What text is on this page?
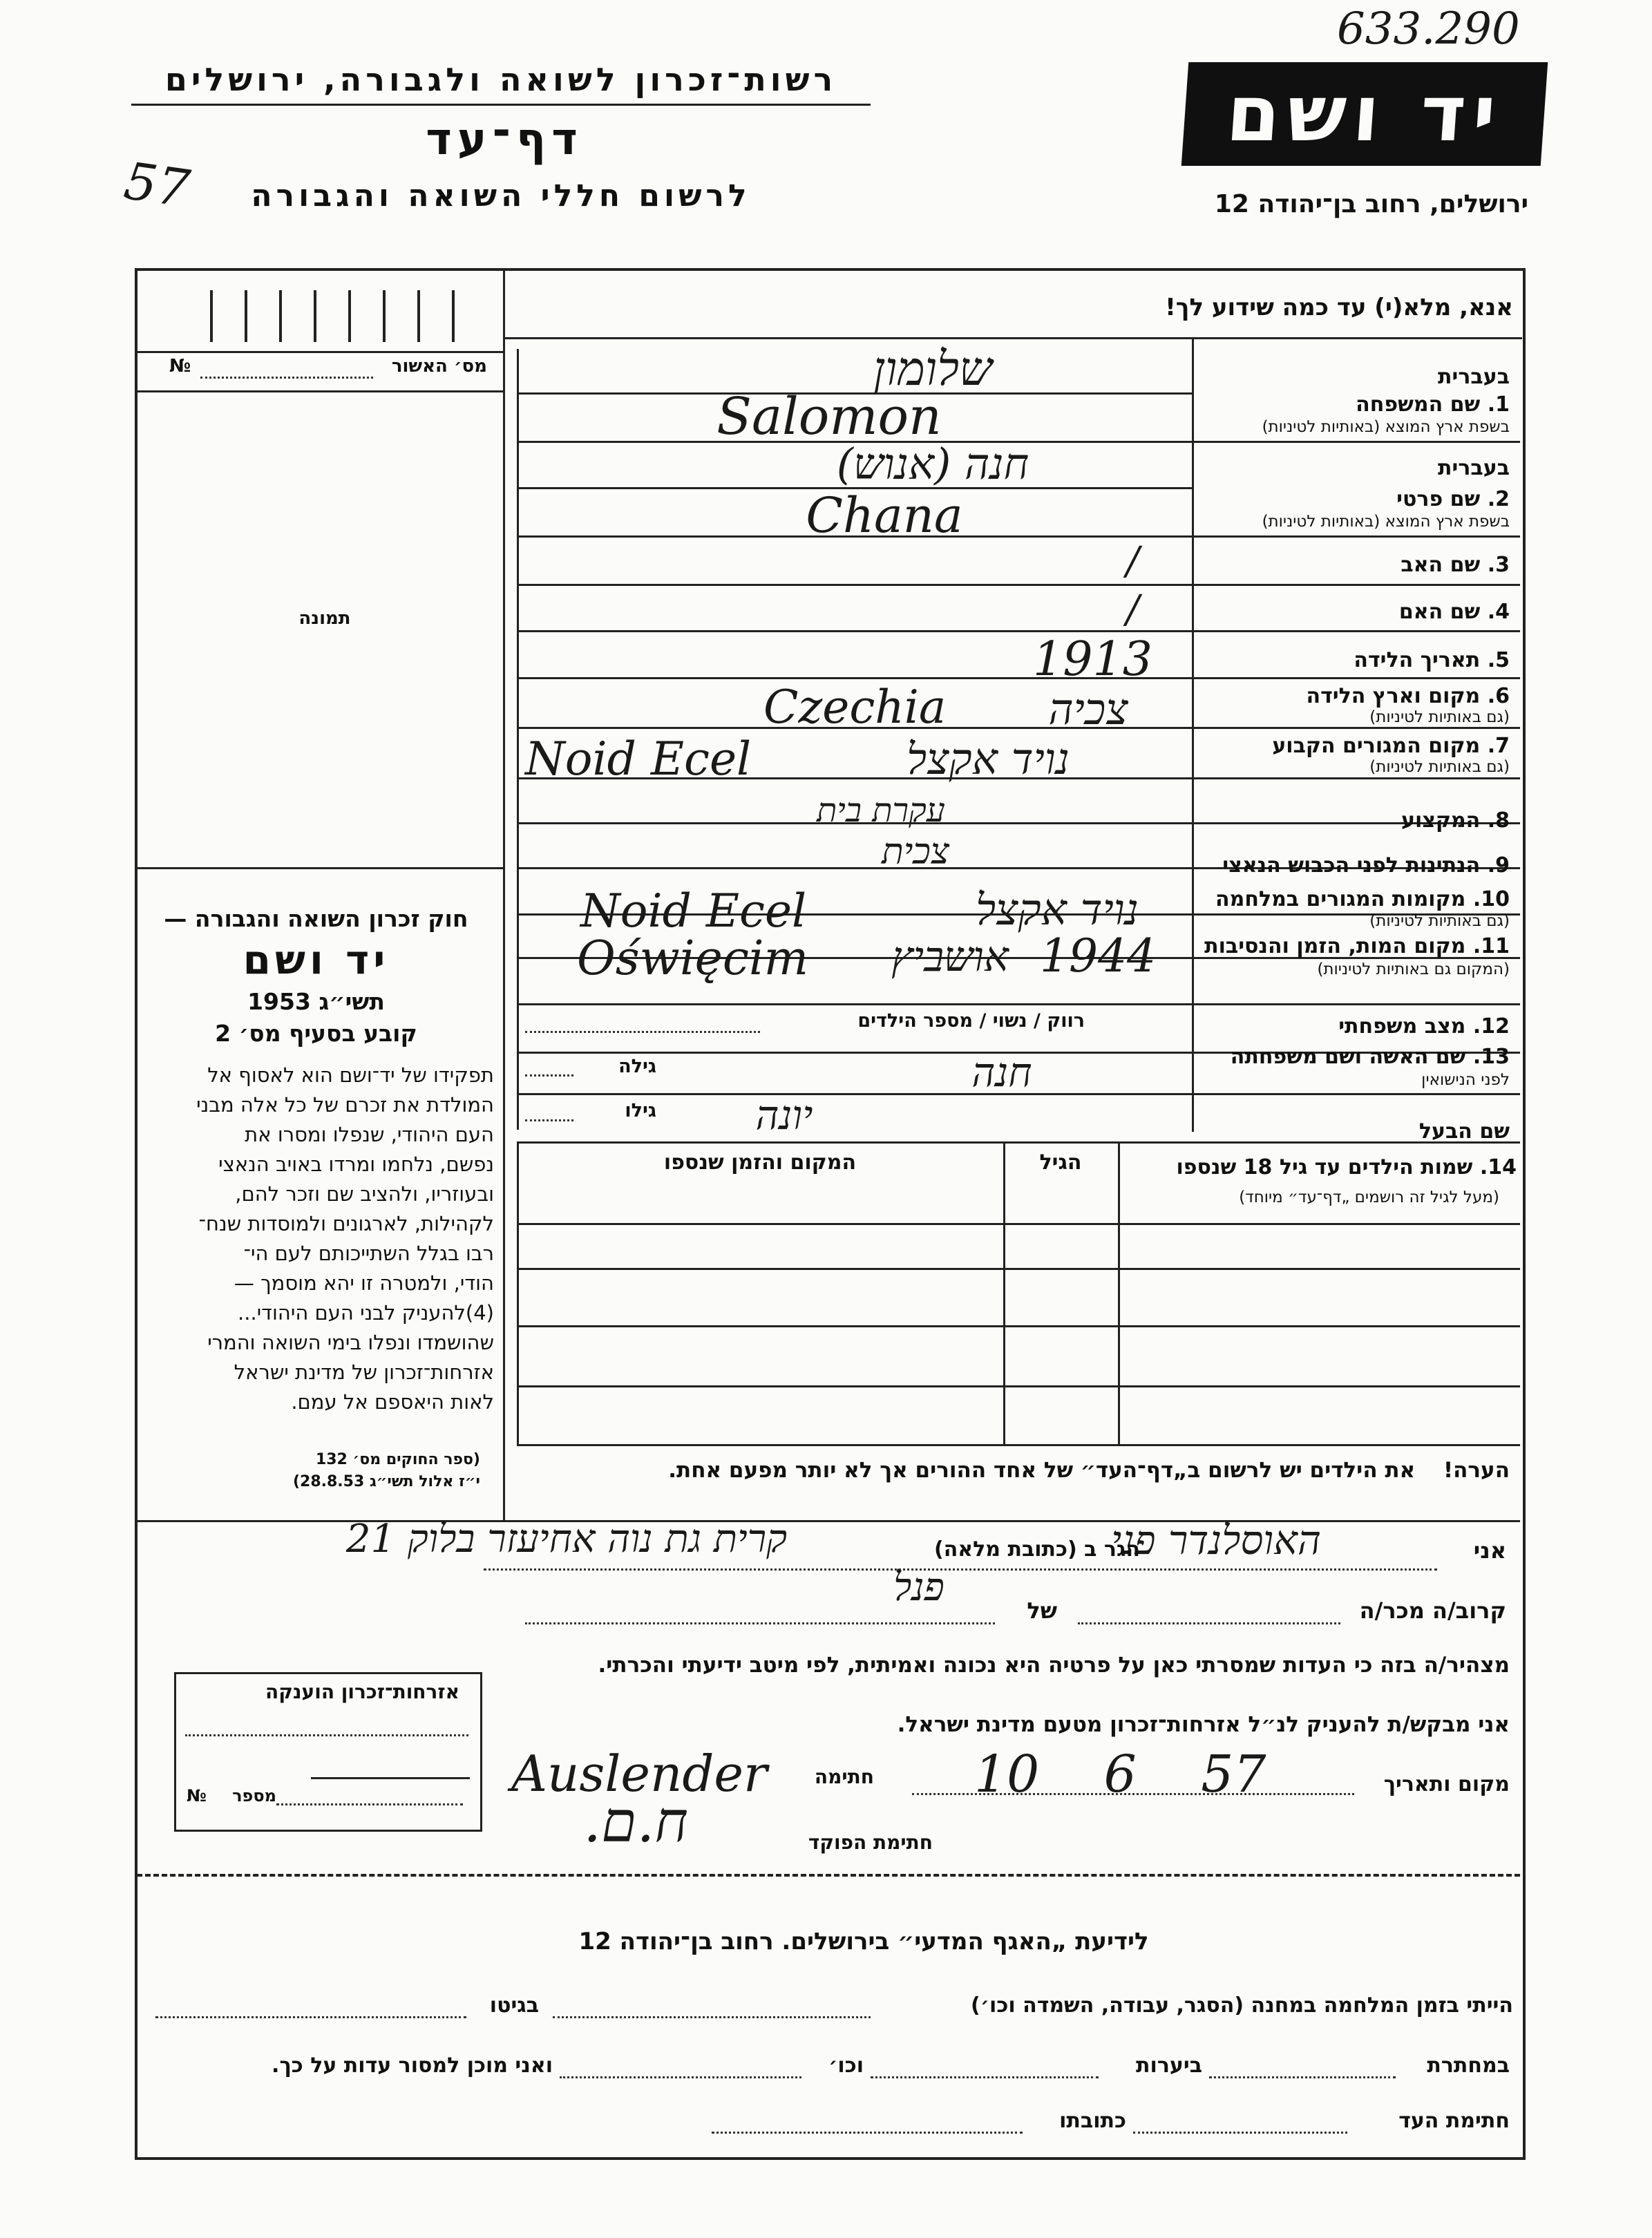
633.290
רשות־זכרון לשואה ולגבורה, ירושלים
דף־עד
57	לרשום חללי השואה והגבורה
יד ושם
ירושלים, רחוב בן־יהודה 12
אנא, מלא(י) עד כמה שידוע לך!
№	מס׳ האשור
תמונה
חוק זכרון השואה והגבורה —
יד ושם
תשי״ג 1953
קובע בסעיף מס׳ 2
תפקידו של יד־ושם הוא לאסוף אל
המולדת את זכרם של כל אלה מבני
העם היהודי, שנפלו ומסרו את
נפשם, נלחמו ומרדו באויב הנאצי
ובעוזריו, ולהציב שם וזכר להם,
לקהילות, לארגונים ולמוסדות שנח־
רבו בגלל השתייכותם לעם הי־
הודי, ולמטרה זו יהא מוסמך —
(4)להעניק לבני העם היהודי...
שהושמדו ונפלו בימי השואה והמרי
אזרחות־זכרון של מדינת ישראל
לאות היאספם אל עמם.
(ספר החוקים מס׳ 132
י״ז אלול תשי״ג 28.8.53)
בעברית
1. שם המשפחה
בשפת ארץ המוצא (באותיות לטיניות)
שלומון
Salomon
בעברית
2. שם פרטי
בשפת ארץ המוצא (באותיות לטיניות)
חנה (אנוש)
Chana
3. שם האב
/
4. שם האם
/
5. תאריך הלידה
1913
6. מקום וארץ הלידה
(גם באותיות לטיניות)
Czechia	צכיה
7. מקום המגורים הקבוע
(גם באותיות לטיניות)
Noid Ecel	נויד אקצל
8. המקצוע
עקרת בית
9. הנתינות לפני הכבוש הנאצי
צכית
10. מקומות המגורים במלחמה
(גם באותיות לטיניות)
Noid Ecel	נויד אקצל
11. מקום המות, הזמן והנסיבות
(המקום גם באותיות לטיניות)
Oświęcim אושביץ 1944
12. מצב משפחתי
רווק / נשוי / מספר הילדים
13. שם האשה ושם משפחתה
לפני הנישואין
גילה	חנה
שם הבעל
גילו	יונה
14. שמות הילדים עד גיל 18 שנספו
(מעל לגיל זה רושמים „דף־עד״ מיוחד)
הגיל
המקום והזמן שנספו
הערה! את הילדים יש לרשום ב„דף־העד״ של אחד ההורים אך לא יותר מפעם אחת.
אני
האוסלנדר פני
הגר ב (כתובת מלאה)
קרית גת נוה אחיעזר בלוק 21
קרוב/ה מכר/ה
של
פנל
מצהיר/ה בזה כי העדות שמסרתי כאן על פרטיה היא נכונה ואמיתית, לפי מיטב ידיעתי והכרתי.
אני מבקש/ת להעניק לנ״ל אזרחות־זכרון מטעם מדינת ישראל.
מקום ותאריך
10 6 57
חתימה
Auslender
חתימת הפוקד
ח.ם.
אזרחות־זכרון הוענקה
№	מספר
לידיעת „האגף המדעי״ בירושלים. רחוב בן־יהודה 12
הייתי בזמן המלחמה במחנה (הסגר, עבודה, השמדה וכו׳)
בגיטו
במחתרת
ביערות
וכו׳
ואני מוכן למסור עדות על כך.
חתימת העד
כתובתו
